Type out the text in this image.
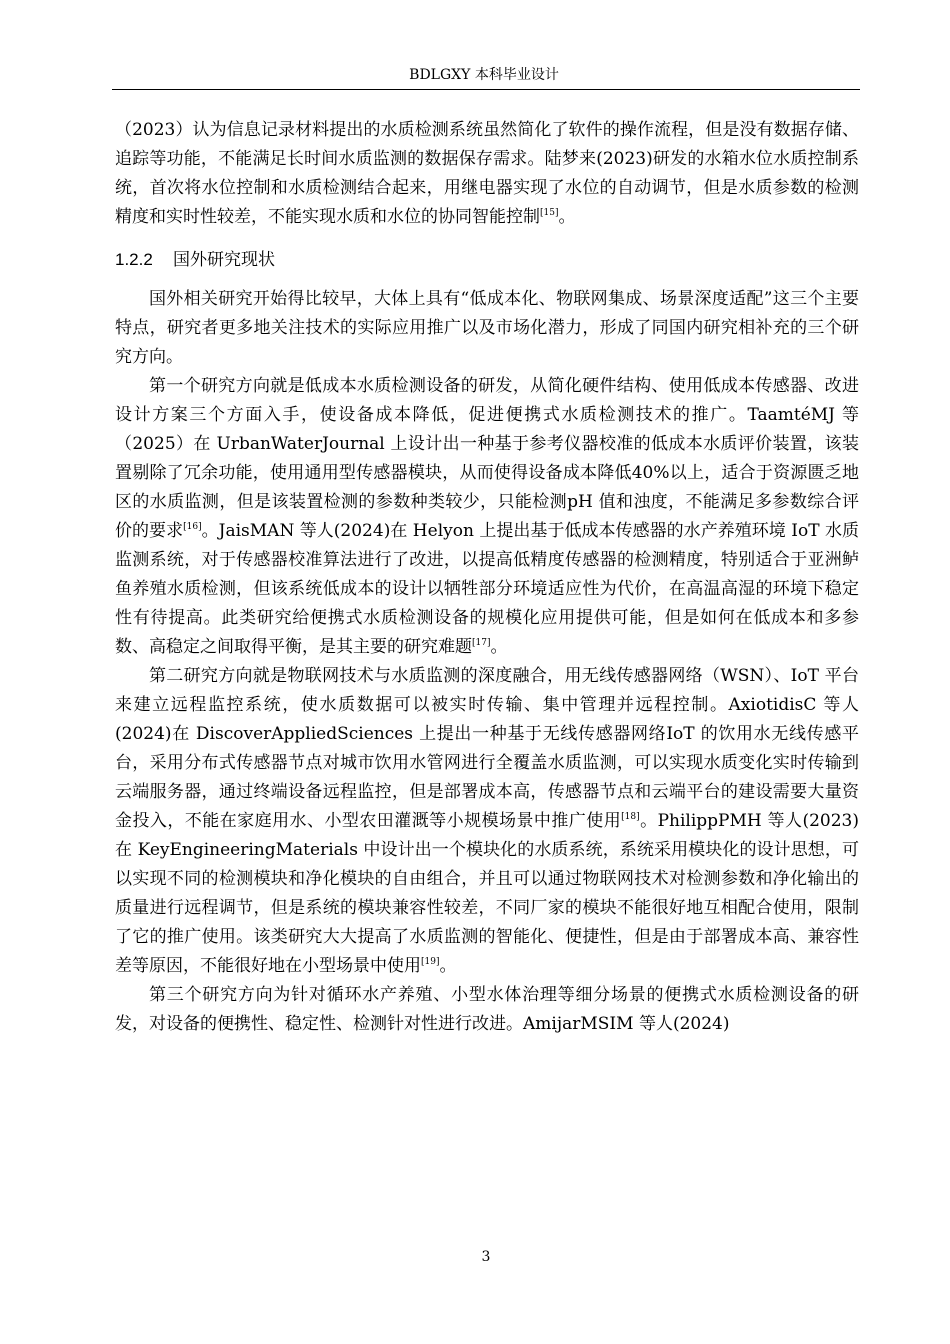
BDLGXY 本科毕业设计

（2023）认为信息记录材料提出的水质检测系统虽然简化了软件的操作流程，但是没有数据存储、追踪等功能，不能满足长时间水质监测的数据保存需求。陆梦来(2023)研发的水箱水位水质控制系统，首次将水位控制和水质检测结合起来，用继电器实现了水位的自动调节，但是水质参数的检测精度和实时性较差，不能实现水质和水位的协同智能控制[15]。

1.2.2 国外研究现状

国外相关研究开始得比较早，大体上具有“低成本化、物联网集成、场景深度适配”这三个主要特点，研究者更多地关注技术的实际应用推广以及市场化潜力，形成了同国内研究相补充的三个研究方向。

第一个研究方向就是低成本水质检测设备的研发，从简化硬件结构、使用低成本传感器、改进设计方案三个方面入手，使设备成本降低，促进便携式水质检测技术的推广。TaamtéMJ 等（2025）在 UrbanWaterJournal 上设计出一种基于参考仪器校准的低成本水质评价装置，该装置剔除了冗余功能，使用通用型传感器模块，从而使得设备成本降低40%以上，适合于资源匮乏地区的水质监测，但是该装置检测的参数种类较少，只能检测pH 值和浊度，不能满足多参数综合评价的要求[16]。JaisMAN 等人(2024)在 Helyon 上提出基于低成本传感器的水产养殖环境 IoT 水质监测系统，对于传感器校准算法进行了改进，以提高低精度传感器的检测精度，特别适合于亚洲鲈鱼养殖水质检测，但该系统低成本的设计以牺牲部分环境适应性为代价，在高温高湿的环境下稳定性有待提高。此类研究给便携式水质检测设备的规模化应用提供可能，但是如何在低成本和多参数、高稳定之间取得平衡，是其主要的研究难题[17]。

第二研究方向就是物联网技术与水质监测的深度融合，用无线传感器网络（WSN）、IoT 平台来建立远程监控系统，使水质数据可以被实时传输、集中管理并远程控制。AxiotidisC 等人(2024)在 DiscoverAppliedSciences 上提出一种基于无线传感器网络IoT 的饮用水无线传感平台，采用分布式传感器节点对城市饮用水管网进行全覆盖水质监测，可以实现水质变化实时传输到云端服务器，通过终端设备远程监控，但是部署成本高，传感器节点和云端平台的建设需要大量资金投入，不能在家庭用水、小型农田灌溉等小规模场景中推广使用[18]。PhilippPMH 等人(2023)在 KeyEngineeringMaterials 中设计出一个模块化的水质系统，系统采用模块化的设计思想，可以实现不同的检测模块和净化模块的自由组合，并且可以通过物联网技术对检测参数和净化输出的质量进行远程调节，但是系统的模块兼容性较差，不同厂家的模块不能很好地互相配合使用，限制了它的推广使用。该类研究大大提高了水质监测的智能化、便捷性，但是由于部署成本高、兼容性差等原因，不能很好地在小型场景中使用[19]。

第三个研究方向为针对循环水产养殖、小型水体治理等细分场景的便携式水质检测设备的研发，对设备的便携性、稳定性、检测针对性进行改进。AmijarMSIM 等人(2024)

3
